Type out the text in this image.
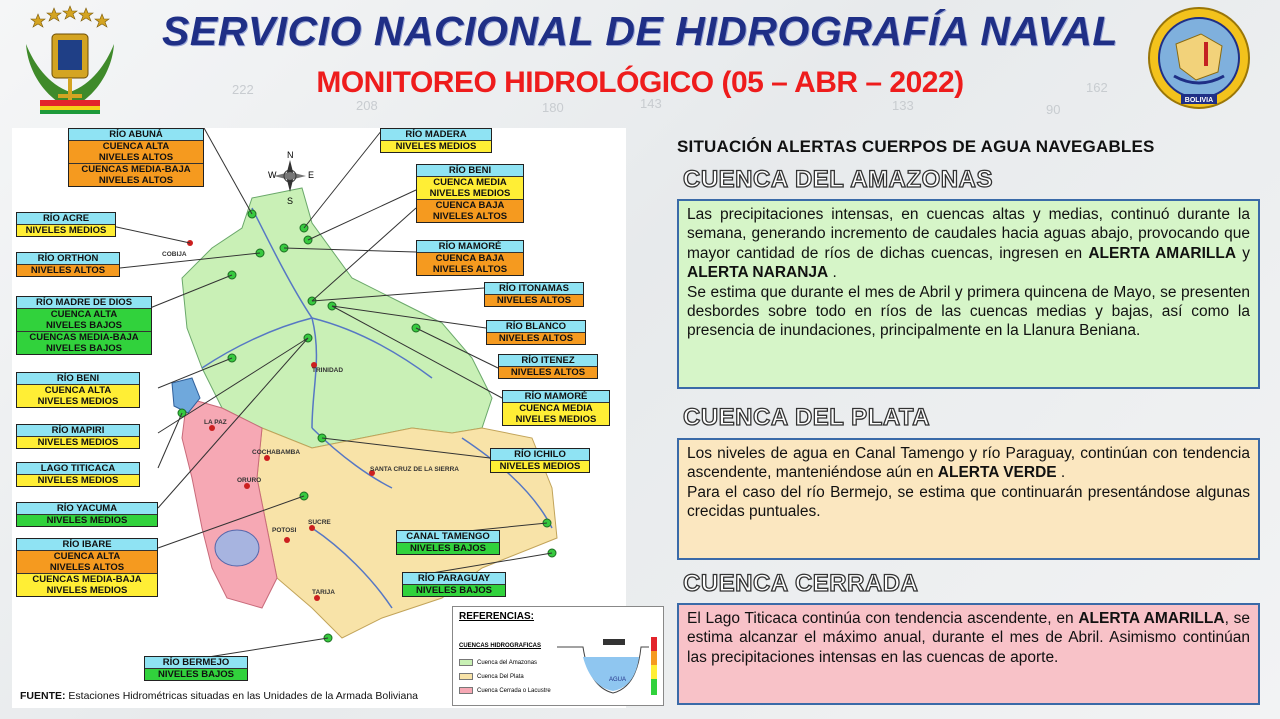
222
208	180	143	133	90
162
SERVICIO NACIONAL DE HIDROGRAFÍA NAVAL
MONITOREO HIDROLÓGICO (05 – ABR – 2022)
BOLIVIA
N
S
W	E
TRINIDAD
COCHABAMBA
ORURO
SANTA CRUZ DE LA SIERRA
SUCRE
POTOSI
TARIJA
LA PAZ
COBIJA
RÍO ABUNÁ
CUENCA ALTA
NIVELES ALTOS
CUENCAS MEDIA-BAJA
NIVELES ALTOS
RÍO ACRE
NIVELES MEDIOS
RÍO ORTHON
NIVELES ALTOS
RÍO MADRE DE DIOS
CUENCA ALTA
NIVELES BAJOS
CUENCAS MEDIA-BAJA
NIVELES BAJOS
RÍO BENI
CUENCA ALTA
NIVELES MEDIOS
RÍO MAPIRI
NIVELES MEDIOS
LAGO TITICACA
NIVELES MEDIOS
RÍO YACUMA
NIVELES MEDIOS
RÍO IBARE
CUENCA ALTA
NIVELES ALTOS
CUENCAS MEDIA-BAJA
NIVELES MEDIOS
RÍO BERMEJO
NIVELES BAJOS
RÍO MADERA
NIVELES MEDIOS
RÍO BENI
CUENCA MEDIA
NIVELES MEDIOS
CUENCA BAJA
NIVELES ALTOS
RÍO MAMORÉ
CUENCA BAJA
NIVELES ALTOS
RÍO ITONAMAS
NIVELES ALTOS
RÍO BLANCO
NIVELES ALTOS
RÍO ITENEZ
NIVELES ALTOS
RÍO MAMORÉ
CUENCA MEDIA
NIVELES MEDIOS
RÍO ICHILO
NIVELES MEDIOS
CANAL TAMENGO
NIVELES BAJOS
RÍO PARAGUAY
NIVELES BAJOS
REFERENCIAS:
CUENCAS HIDROGRAFICAS
Cuenca del Amazonas
Cuenca Del Plata
Cuenca Cerrada o Lacustre
AGUA
FUENTE: Estaciones Hidrométricas situadas en las Unidades de la Armada Boliviana
SITUACIÓN ALERTAS CUERPOS DE AGUA NAVEGABLES
CUENCA DEL AMAZONAS
Las precipitaciones intensas, en cuencas altas y medias, continuó durante la semana, generando incremento de caudales hacia aguas abajo, provocando que mayor cantidad de ríos de dichas cuencas, ingresen en ALERTA AMARILLA y ALERTA NARANJA .
Se estima que durante el mes de Abril y primera quincena de Mayo, se presenten desbordes sobre todo en ríos de las cuencas medias y bajas, así como la presencia de inundaciones, principalmente en la Llanura Beniana.
CUENCA DEL PLATA
Los niveles de agua en Canal Tamengo y río Paraguay, continúan con tendencia ascendente, manteniéndose aún en ALERTA VERDE .
Para el caso del río Bermejo, se estima que continuarán presentándose algunas crecidas puntuales.
CUENCA CERRADA
El Lago Titicaca continúa con tendencia ascendente, en ALERTA AMARILLA, se estima alcanzar el máximo anual, durante el mes de Abril. Asimismo continúan las precipitaciones intensas en las cuencas de aporte.
